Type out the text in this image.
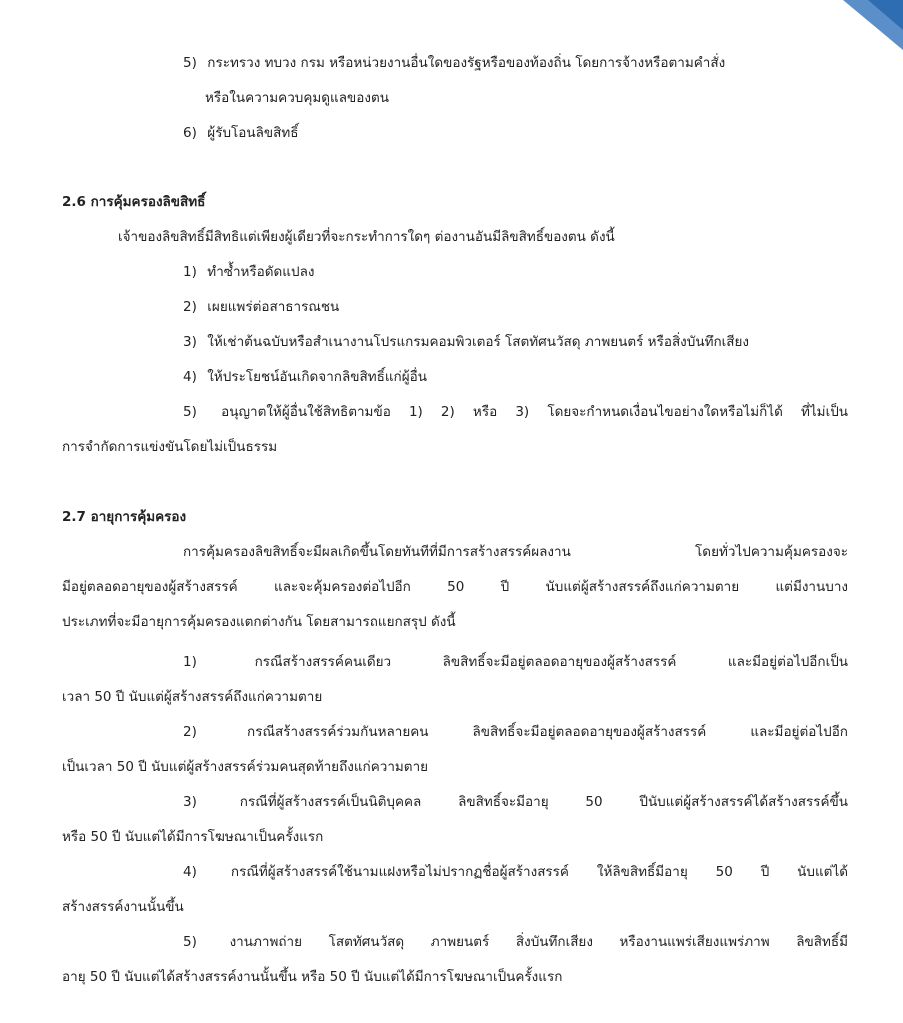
5) กระทรวง ทบวง กรม หรือหน่วยงานอื่นใดของรัฐหรือของท้องถิ่น โดยการจ้างหรือตามคำสั่ง
หรือในความควบคุมดูแลของตน
6) ผู้รับโอนลิขสิทธิ์
2.6 การคุ้มครองลิขสิทธิ์
เจ้าของลิขสิทธิ์มีสิทธิแต่เพียงผู้เดียวที่จะกระทำการใดๆ ต่องานอันมีลิขสิทธิ์ของตน ดังนี้
1) ทำซ้ำหรือดัดแปลง
2) เผยแพร่ต่อสาธารณชน
3) ให้เช่าต้นฉบับหรือสำเนางานโปรแกรมคอมพิวเตอร์ โสตทัศนวัสดุ ภาพยนตร์ หรือสิ่งบันทึกเสียง
4) ให้ประโยชน์อันเกิดจากลิขสิทธิ์แก่ผู้อื่น
5) อนุญาตให้ผู้อื่นใช้สิทธิตามข้อ 1) 2) หรือ 3) โดยจะกำหนดเงื่อนไขอย่างใดหรือไม่ก็ได้ ที่ไม่เป็น
การจำกัดการแข่งขันโดยไม่เป็นธรรม
2.7 อายุการคุ้มครอง
การคุ้มครองลิขสิทธิ์จะมีผลเกิดขึ้นโดยทันทีที่มีการสร้างสรรค์ผลงาน โดยทั่วไปความคุ้มครองจะ
มีอยู่ตลอดอายุของผู้สร้างสรรค์ และจะคุ้มครองต่อไปอีก 50 ปี นับแต่ผู้สร้างสรรค์ถึงแก่ความตาย แต่มีงานบาง
ประเภทที่จะมีอายุการคุ้มครองแตกต่างกัน โดยสามารถแยกสรุป ดังนี้
1)	กรณีสร้างสรรค์คนเดียว ลิขสิทธิ์จะมีอยู่ตลอดอายุของผู้สร้างสรรค์ และมีอยู่ต่อไปอีกเป็น
เวลา 50 ปี นับแต่ผู้สร้างสรรค์ถึงแก่ความตาย
2)	กรณีสร้างสรรค์ร่วมกันหลายคน ลิขสิทธิ์จะมีอยู่ตลอดอายุของผู้สร้างสรรค์ และมีอยู่ต่อไปอีก
เป็นเวลา 50 ปี นับแต่ผู้สร้างสรรค์ร่วมคนสุดท้ายถึงแก่ความตาย
3)	กรณีที่ผู้สร้างสรรค์เป็นนิติบุคคล ลิขสิทธิ์จะมีอายุ 50 ปีนับแต่ผู้สร้างสรรค์ได้สร้างสรรค์ขึ้น
หรือ 50 ปี นับแต่ได้มีการโฆษณาเป็นครั้งแรก
4)	กรณีที่ผู้สร้างสรรค์ใช้นามแฝงหรือไม่ปรากฏชื่อผู้สร้างสรรค์ ให้ลิขสิทธิ์มีอายุ 50 ปี นับแต่ได้
สร้างสรรค์งานนั้นขึ้น
5) งานภาพถ่าย โสตทัศนวัสดุ ภาพยนตร์ สิ่งบันทึกเสียง หรืองานแพร่เสียงแพร่ภาพ ลิขสิทธิ์มี
อายุ 50 ปี นับแต่ได้สร้างสรรค์งานนั้นขึ้น หรือ 50 ปี นับแต่ได้มีการโฆษณาเป็นครั้งแรก
